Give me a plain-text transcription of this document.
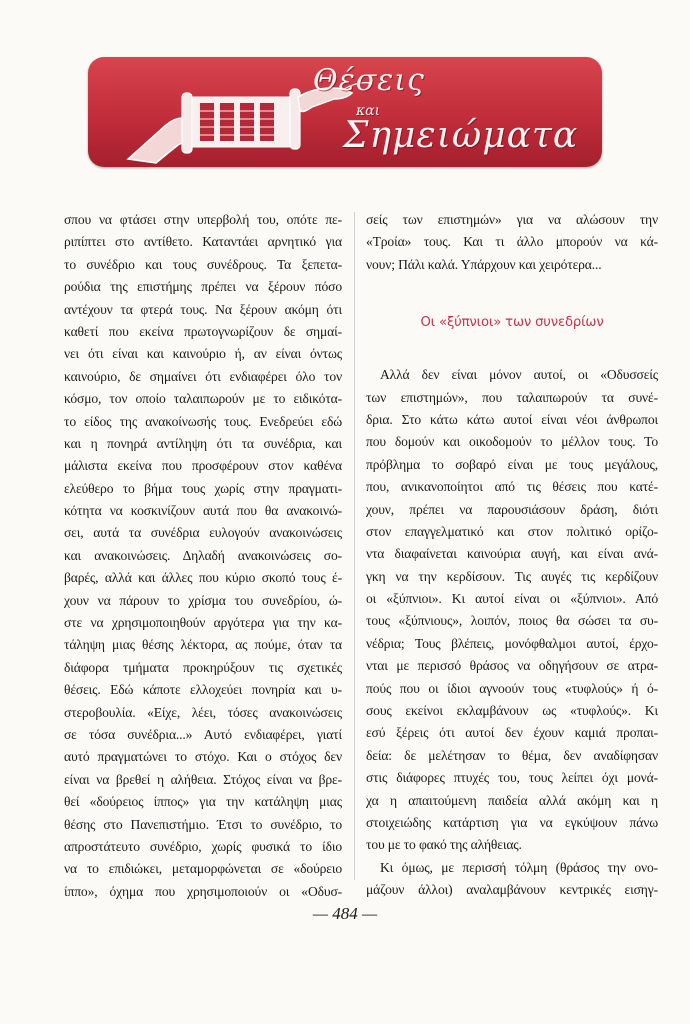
Θέσεις
και
Σημειώματα
σπου να φτάσει στην υπερβολή του, οπότε πε-
ριπίπτει στο αντίθετο. Καταντάει αρνητικό για
το συνέδριο και τους συνέδρους. Τα ξεπετα-
ρούδια της επιστήμης πρέπει να ξέρουν πόσο
αντέχουν τα φτερά τους. Να ξέρουν ακόμη ότι
καθετί που εκείνα πρωτογνωρίζουν δε σημαί-
νει ότι είναι και καινούριο ή, αν είναι όντως
καινούριο, δε σημαίνει ότι ενδιαφέρει όλο τον
κόσμο, τον οποίο ταλαιπωρούν με το ειδικότα-
το είδος της ανακοίνωσής τους. Ενεδρεύει εδώ
και η πονηρά αντίληψη ότι τα συνέδρια, και
μάλιστα εκείνα που προσφέρουν στον καθένα
ελεύθερο το βήμα τους χωρίς στην πραγματι-
κότητα να κοσκινίζουν αυτά που θα ανακοινώ-
σει, αυτά τα συνέδρια ευλογούν ανακοινώσεις
και ανακοινώσεις. Δηλαδή ανακοινώσεις σο-
βαρές, αλλά και άλλες που κύριο σκοπό τους έ-
χουν να πάρουν το χρίσμα του συνεδρίου, ώ-
στε να χρησιμοποιηθούν αργότερα για την κα-
τάληψη μιας θέσης λέκτορα, ας πούμε, όταν τα
διάφορα τμήματα προκηρύξουν τις σχετικές
θέσεις. Εδώ κάποτε ελλοχεύει πονηρία και υ-
στεροβουλία. «Είχε, λέει, τόσες ανακοινώσεις
σε τόσα συνέδρια...» Αυτό ενδιαφέρει, γιατί
αυτό πραγματώνει το στόχο. Και ο στόχος δεν
είναι να βρεθεί η αλήθεια. Στόχος είναι να βρε-
θεί «δούρειος ίππος» για την κατάληψη μιας
θέσης στο Πανεπιστήμιο. Έτσι το συνέδριο, το
απροστάτευτο συνέδριο, χωρίς φυσικά το ίδιο
να το επιδιώκει, μεταμορφώνεται σε «δούρειο
ίππο», όχημα που χρησιμοποιούν οι «Οδυσ-
σείς των επιστημών» για να αλώσουν την
«Τροία» τους. Και τι άλλο μπορούν να κά-
νουν; Πάλι καλά. Υπάρχουν και χειρότερα...
Οι «ξύπνιοι» των συνεδρίων
Αλλά δεν είναι μόνον αυτοί, οι «Οδυσσείς
των επιστημών», που ταλαιπωρούν τα συνέ-
δρια. Στο κάτω κάτω αυτοί είναι νέοι άνθρωποι
που δομούν και οικοδομούν το μέλλον τους. Το
πρόβλημα το σοβαρό είναι με τους μεγάλους,
που, ανικανοποίητοι από τις θέσεις που κατέ-
χουν, πρέπει να παρουσιάσουν δράση, διότι
στον επαγγελματικό και στον πολιτικό ορίζο-
ντα διαφαίνεται καινούρια αυγή, και είναι ανά-
γκη να την κερδίσουν. Τις αυγές τις κερδίζουν
οι «ξύπνιοι». Κι αυτοί είναι οι «ξύπνιοι». Από
τους «ξύπνιους», λοιπόν, ποιος θα σώσει τα συ-
νέδρια; Τους βλέπεις, μονόφθαλμοι αυτοί, έρχο-
νται με περισσό θράσος να οδηγήσουν σε ατρα-
πούς που οι ίδιοι αγνοούν τους «τυφλούς» ή ό-
σους εκείνοι εκλαμβάνουν ως «τυφλούς». Κι
εσύ ξέρεις ότι αυτοί δεν έχουν καμιά προπαι-
δεία: δε μελέτησαν το θέμα, δεν αναδίφησαν
στις διάφορες πτυχές του, τους λείπει όχι μονά-
χα η απαιτούμενη παιδεία αλλά ακόμη και η
στοιχειώδης κατάρτιση για να εγκύψουν πάνω
του με το φακό της αλήθειας.
Κι όμως, με περισσή τόλμη (θράσος την ονο-
μάζουν άλλοι) αναλαμβάνουν κεντρικές εισηγ-
— 484 —
